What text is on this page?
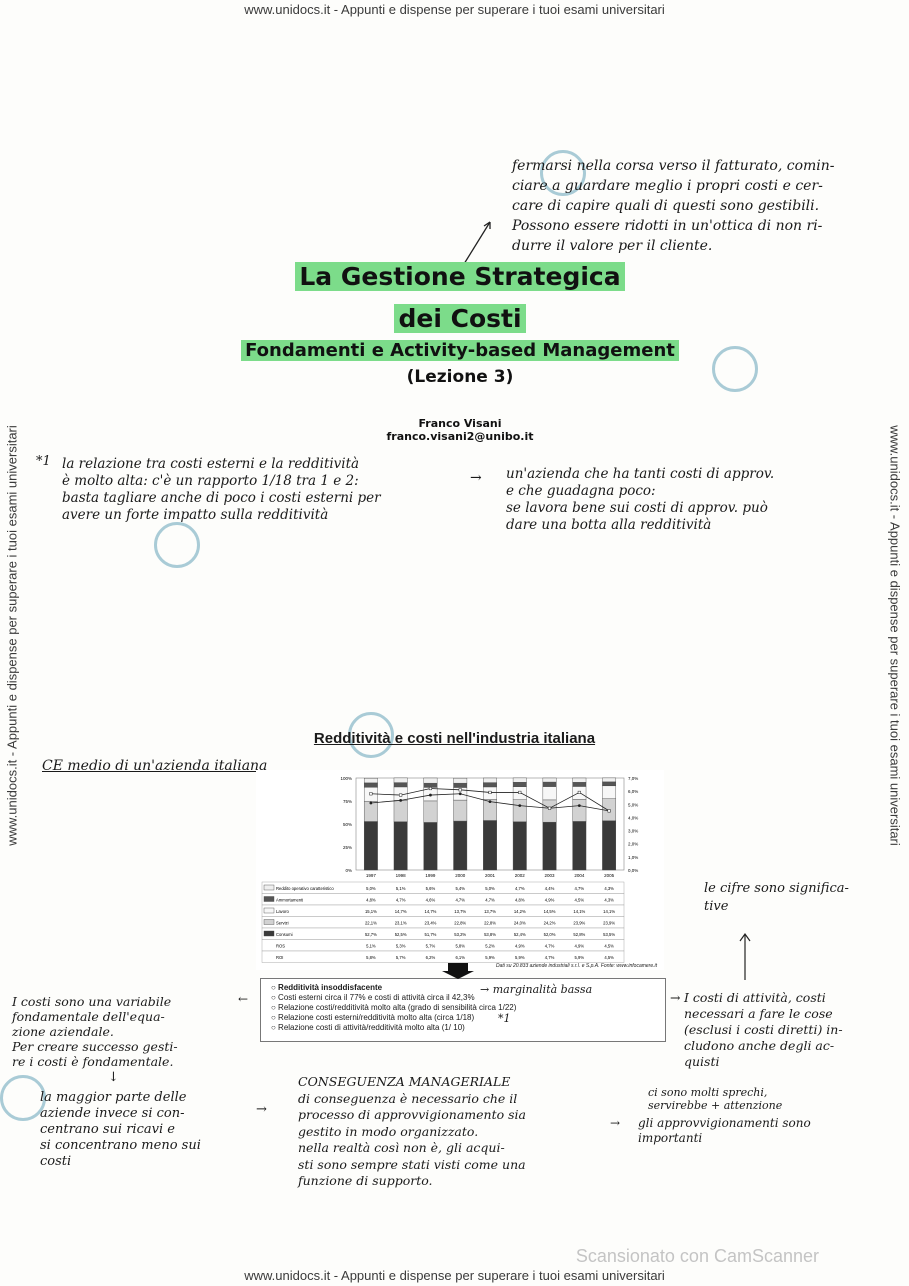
www.unidocs.it - Appunti e dispense per superare i tuoi esami universitari
www.unidocs.it - Appunti e dispense per superare i tuoi esami universitari
www.unidocs.it - Appunti e dispense per superare i tuoi esami universitari	www.unidocs.it - Appunti e dispense per superare i tuoi esami universitari
Scansionato con CamScanner
fermarsi nella corsa verso il fatturato, comin-
ciare a guardare meglio i propri costi e cer-
care di capire quali di questi sono gestibili.
Possono essere ridotti in un'ottica di non ri-
durre il valore per il cliente.
La Gestione Strategica
dei Costi
Fondamenti e Activity-based Management
(Lezione 3)
Franco Visani
franco.visani2@unibo.it
*1 la relazione tra costi esterni e la redditività
è molto alta: c'è un rapporto 1/18 tra 1 e 2:
basta tagliare anche di poco i costi esterni per
avere un forte impatto sulla redditività
→ un'azienda che ha tanti costi di approv.
e che guadagna poco:
se lavora bene sui costi di approv. può
dare una botta alla redditività
Redditività e costi nell'industria italiana
CE medio di un'azienda italiana
0%
25%
50%
75%
100%
0,0%
1,0%
2,0%
3,0%
4,0%
5,0%
6,0%
7,0%
1997	1998	1999	2000	2001	2002	2003	2004	2005
Reddito operativo caratteristico	5,0%	5,1%	5,6%	5,4%	5,0%	4,7%	4,4%	4,7%	4,3%
Ammortamenti	4,8%	4,7%	4,6%	4,7%	4,7%	4,8%	4,9%	4,5%	4,3%
Lavoro	15,1%	14,7%	14,7%	13,7%	13,7%	14,2%	14,5%	14,1%	14,1%
Servizi	22,1%	23,1%	23,4%	22,8%	22,8%	24,0%	24,2%	23,9%	23,9%
Consumi	52,7%	52,5%	51,7%	53,2%	53,8%	52,4%	52,0%	52,8%	53,5%
ROS	5,1%	5,3%	5,7%	5,8%	5,2%	4,9%	4,7%	4,9%	4,5%
ROI	5,8%	5,7%	6,2%	6,1%	5,9%	5,9%	4,7%	5,9%	4,5%
Dati su 20.833 aziende industriali s.r.l. e S.p.A. Fonte: www.infocamere.it
○ Redditività insoddisfacente
○ Costi esterni circa il 77% e costi di attività circa il 42,3%
○ Relazione costi/redditività molto alta (grado di sensibilità circa 1/22)
○ Relazione costi esterni/redditività molto alta (circa 1/18)
○ Relazione costi di attività/redditività molto alta (1/ 10)
→ marginalità bassa
*1
le cifre sono significa-
tive
I costi sono una variabile
fondamentale dell'equa-
zione aziendale.
Per creare successo gesti-
re i costi è fondamentale.
↓
la maggior parte delle
aziende invece si con-
centrano sui ricavi e
si concentrano meno sui
costi
→
CONSEGUENZA MANAGERIALE
di conseguenza è necessario che il
processo di approvvigionamento sia
gestito in modo organizzato.
nella realtà così non è, gli acqui-
sti sono sempre stati visti come una
funzione di supporto.
→ I costi di attività, costi
necessari a fare le cose
(esclusi i costi diretti) in-
cludono anche degli ac-
quisti
ci sono molti sprechi,
servirebbe + attenzione
→ gli approvvigionamenti sono
importanti
←
